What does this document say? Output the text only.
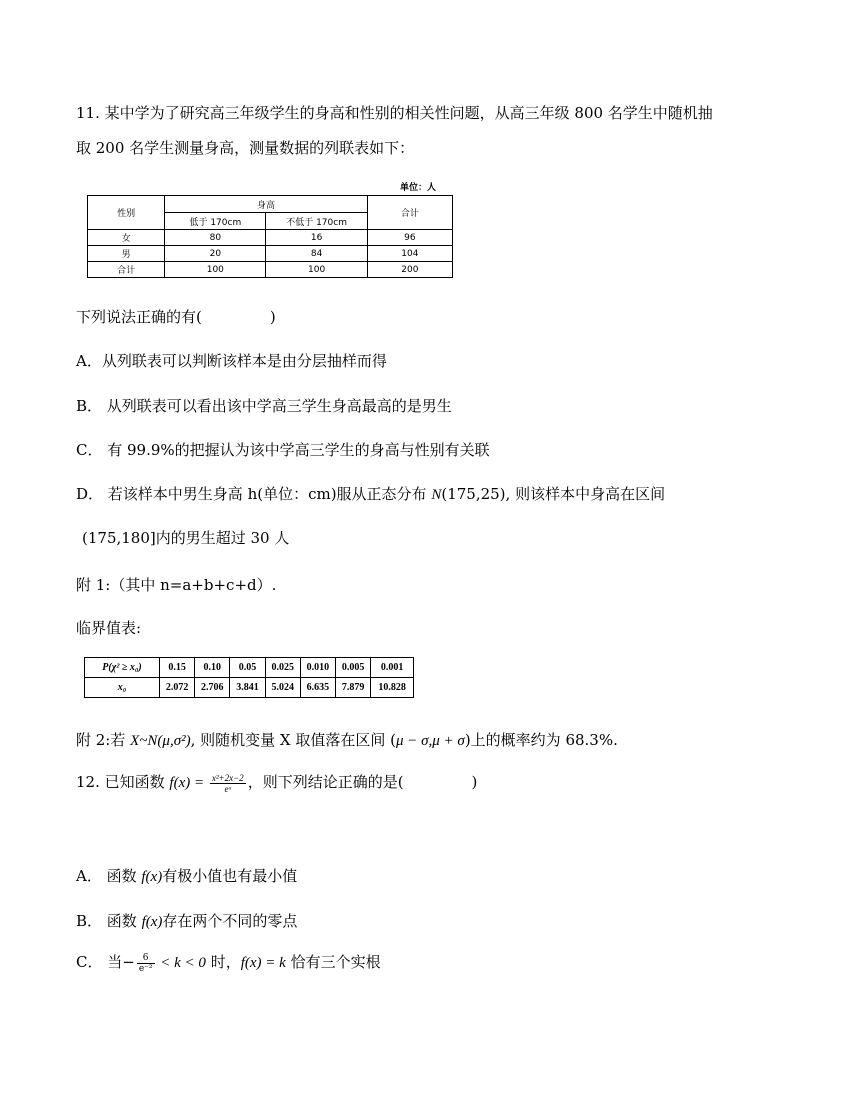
11. 某中学为了研究高三年级学生的身高和性别的相关性问题，从高三年级 800 名学生中随机抽
取 200 名学生测量身高，测量数据的列联表如下：
单位：人
性别	身高		合计
	低于 170cm	不低于 170cm	
女	80	16	96
男	20	84	104
合计	100	100	200
下列说法正确的有(	)
A．从列联表可以判断该样本是由分层抽样而得
B． 从列联表可以看出该中学高三学生身高最高的是男生
C． 有 99.9%的把握认为该中学高三学生的身高与性别有关联
D． 若该样本中男生身高 h(单位：cm)服从正态分布 N(175,25), 则该样本中身高在区间
(175,180]内的男生超过 30 人
附 1:（其中 n=a+b+c+d）.
临界值表:
P(χ² ≥ x₀)	0.15	0.10	0.05	0.025	0.010	0.005	0.001
x₀	2.072	2.706	3.841	5.024	6.635	7.879	10.828
附 2:若 X~N(μ,σ²), 则随机变量 X 取值落在区间 (μ − σ,μ + σ)上的概率约为 68.3%.
12. 已知函数 $f(x) = \frac{\text{x²+2x−2}}{\text{eˣ}}$ ，则下列结论正确的是(	)
A． 函数 f(x)有极小值也有最小值
B． 函数 f(x)存在两个不同的零点
C． 当− $\frac{6}{\text{e⁻²}} < k < 0$ 时，f(x) = k 恰有三个实根
